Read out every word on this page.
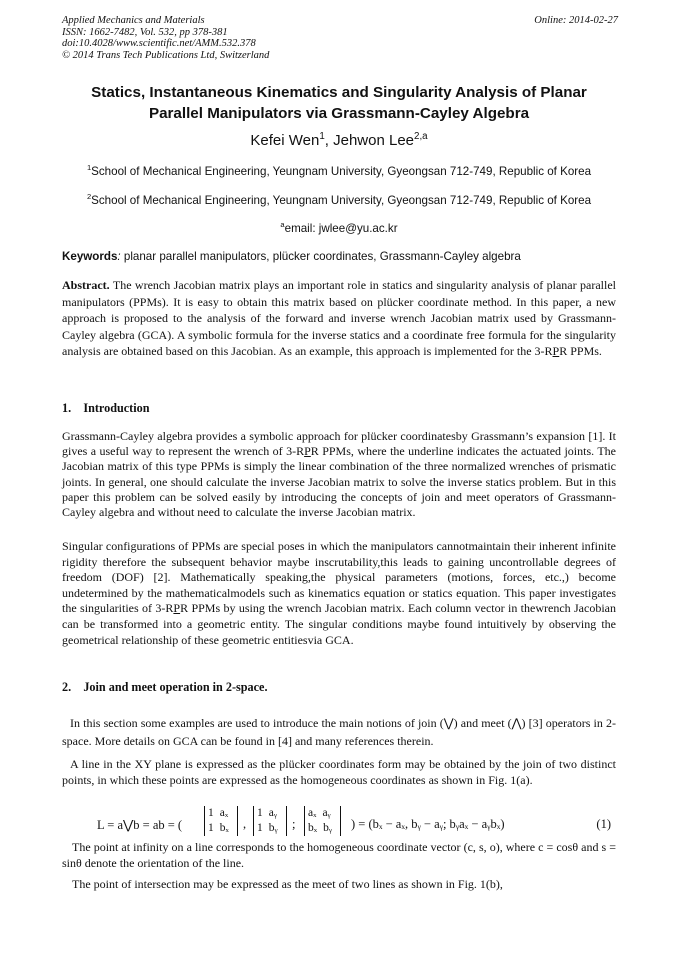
Applied Mechanics and Materials
ISSN: 1662-7482, Vol. 532, pp 378-381
doi:10.4028/www.scientific.net/AMM.532.378
© 2014 Trans Tech Publications Ltd, Switzerland
Online: 2014-02-27
Statics, Instantaneous Kinematics and Singularity Analysis of Planar
Parallel Manipulators via Grassmann-Cayley Algebra
Kefei Wen$^1$, Jehwon Lee$^{2,a}$
$^1$School of Mechanical Engineering, Yeungnam University, Gyeongsan 712-749, Republic of Korea
$^2$School of Mechanical Engineering, Yeungnam University, Gyeongsan 712-749, Republic of Korea
$^a$email: jwlee@yu.ac.kr
Keywords: planar parallel manipulators, plücker coordinates, Grassmann-Cayley algebra
Abstract. The wrench Jacobian matrix plays an important role in statics and singularity analysis of planar parallel manipulators (PPMs). It is easy to obtain this matrix based on plücker coordinate method. In this paper, a new approach is proposed to the analysis of the forward and inverse wrench Jacobian matrix used by Grassmann-Cayley algebra (GCA). A symbolic formula for the inverse statics and a coordinate free formula for the singularity analysis are obtained based on this Jacobian. As an example, this approach is implemented for the 3-RPR PPMs.
1. Introduction
Grassmann-Cayley algebra provides a symbolic approach for plücker coordinatesby Grassmann’s expansion [1]. It gives a useful way to represent the wrench of 3-RPR PPMs, where the underline indicates the actuated joints. The Jacobian matrix of this type PPMs is simply the linear combination of the three normalized wrenches of prismatic joints. In general, one should calculate the inverse Jacobian matrix to solve the inverse statics problem. But in this paper this problem can be solved easily by introducing the concepts of join and meet operators of Grassmann-Cayley algebra and without need to calculate the inverse Jacobian matrix.
Singular configurations of PPMs are special poses in which the manipulators cannotmaintain their inherent infinite rigidity therefore the subsequent behavior maybe inscrutability,this leads to gaining uncontrollable degrees of freedom (DOF) [2]. Mathematically speaking,the physical parameters (motions, forces, etc.,) become undetermined by the mathematicalmodels such as kinematics equation or statics equation. This paper investigates the singularities of 3-RPR PPMs by using the wrench Jacobian matrix. Each column vector in thewrench Jacobian can be transformed into a geometric entity. The singular conditions maybe found intuitively by observing the geometrical relationship of these geometric entitiesvia GCA.
2. Join and meet operation in 2-space.
In this section some examples are used to introduce the main notions of join (⋁) and meet (⋀) [3] operators in 2-space. More details on GCA can be found in [4] and many references therein.
A line in the XY plane is expressed as the plücker coordinates form may be obtained by the join of two distinct points, in which these points are expressed as the homogeneous coordinates as shown in Fig. 1(a).
L = a⋁b = ab = (
1 aₓ
1 bₓ	,
1 aᵧ
1 bᵧ	;
aₓ aᵧ
bₓ bᵧ	) = (bₓ − aₓ, bᵧ − aᵧ; bᵧaₓ − aᵧbₓ)	(1)
The point at infinity on a line corresponds to the homogeneous coordinate vector (c, s, o), where c = cosθ and s = sinθ denote the orientation of the line.
The point of intersection may be expressed as the meet of two lines as shown in Fig. 1(b),
